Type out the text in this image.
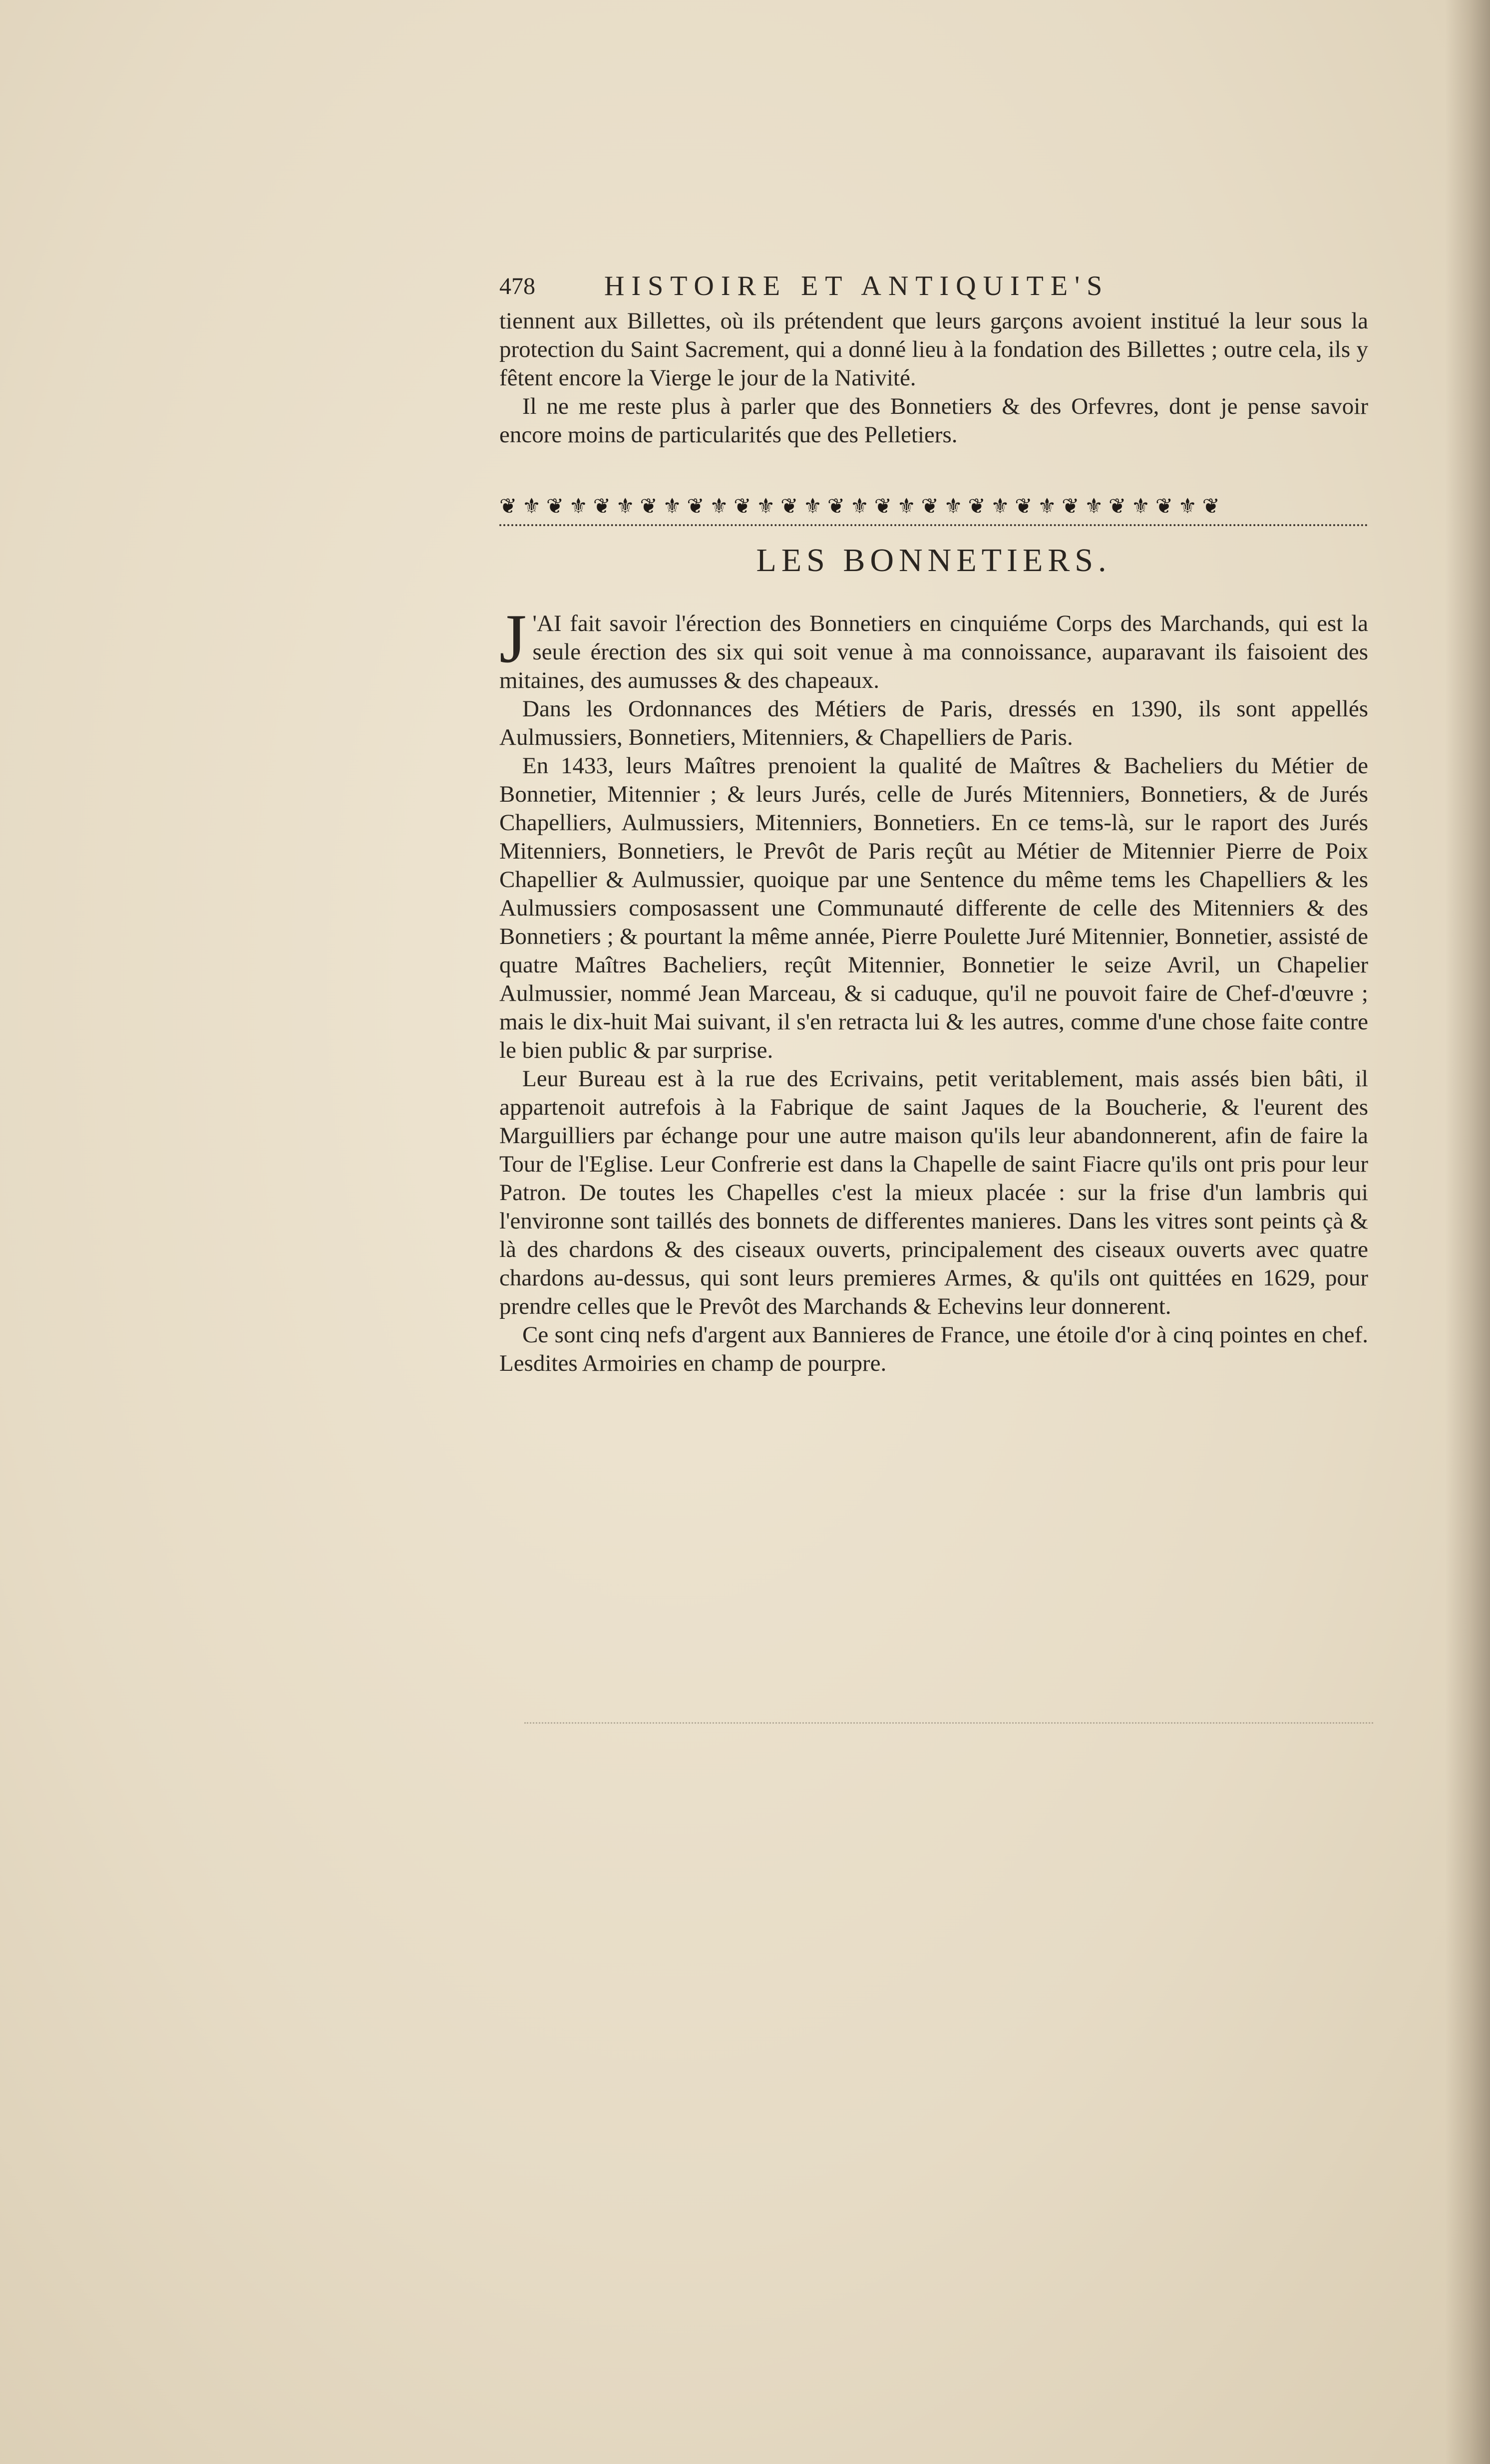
478 HISTOIRE ET ANTIQUITE'S

tiennent aux Billettes, où ils prétendent que leurs garçons avoient institué la leur sous la protection du Saint Sacrement, qui a donné lieu à la fondation des Billettes ; outre cela, ils y fêtent encore la Vierge le jour de la Nativité.

Il ne me reste plus à parler que des Bonnetiers & des Orfevres, dont je pense savoir encore moins de particularités que des Pelletiers.

❦ ⚜ ❦ ⚜ ❦ ⚜ ❦ ⚜ ❦ ⚜ ❦ ⚜ ❦ ⚜ ❦ ⚜ ❦ ⚜ ❦ ⚜ ❦ ⚜ ❦ ⚜ ❦ ⚜ ❦ ⚜ ❦ ⚜ ❦
LES BONNETIERS.

J 'AI fait savoir l'érection des Bonnetiers en cinquiéme Corps des Marchands, qui est la seule érection des six qui soit venue à ma connoissance, auparavant ils faisoient des mitaines, des aumusses & des chapeaux.

Dans les Ordonnances des Métiers de Paris, dressés en 1390, ils sont appellés Aulmussiers, Bonnetiers, Mitenniers, & Chapelliers de Paris.

En 1433, leurs Maîtres prenoient la qualité de Maîtres & Bacheliers du Métier de Bonnetier, Mitennier ; & leurs Jurés, celle de Jurés Mitenniers, Bonnetiers, & de Jurés Chapelliers, Aulmussiers, Mitenniers, Bonnetiers. En ce tems-là, sur le raport des Jurés Mitenniers, Bonnetiers, le Prevôt de Paris reçût au Métier de Mitennier Pierre de Poix Chapellier & Aulmussier, quoique par une Sentence du même tems les Chapelliers & les Aulmussiers composassent une Communauté differente de celle des Mitenniers & des Bonnetiers ; & pourtant la même année, Pierre Poulette Juré Mitennier, Bonnetier, assisté de quatre Maîtres Bacheliers, reçût Mitennier, Bonnetier le seize Avril, un Chapelier Aulmussier, nommé Jean Marceau, & si caduque, qu'il ne pouvoit faire de Chef-d'œuvre ; mais le dix-huit Mai suivant, il s'en retracta lui & les autres, comme d'une chose faite contre le bien public & par surprise.

Leur Bureau est à la rue des Ecrivains, petit veritablement, mais assés bien bâti, il appartenoit autrefois à la Fabrique de saint Jaques de la Boucherie, & l'eurent des Marguilliers par échange pour une autre maison qu'ils leur abandonnerent, afin de faire la Tour de l'Eglise. Leur Confrerie est dans la Chapelle de saint Fiacre qu'ils ont pris pour leur Patron. De toutes les Chapelles c'est la mieux placée : sur la frise d'un lambris qui l'environne sont taillés des bonnets de differentes manieres. Dans les vitres sont peints çà & là des chardons & des ciseaux ouverts, principalement des ciseaux ouverts avec quatre chardons au-dessus, qui sont leurs premieres Armes, & qu'ils ont quittées en 1629, pour prendre celles que le Prevôt des Marchands & Echevins leur donnerent.

Ce sont cinq nefs d'argent aux Bannieres de France, une étoile d'or à cinq pointes en chef. Lesdites Armoiries en champ de pourpre.
